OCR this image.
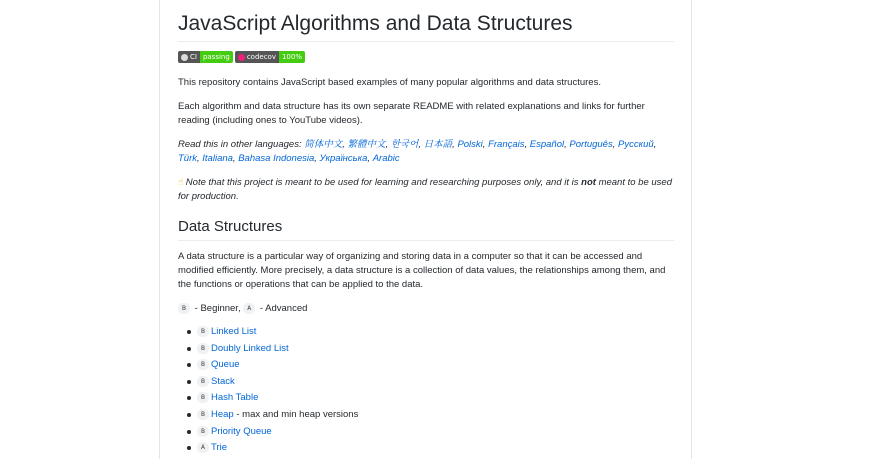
JavaScript Algorithms and Data Structures
CI passing	codecov 100%

This repository contains JavaScript based examples of many popular algorithms and data structures.

Each algorithm and data structure has its own separate README with related explanations and links for further reading (including ones to YouTube videos).

Read this in other languages: 简体中文, 繁體中文, 한국어, 日本語, Polski, Français, Español, Português, Русский, Türk, Italiana, Bahasa Indonesia, Українська, Arabic

☝ Note that this project is meant to be used for learning and researching purposes only, and it is not meant to be used for production.

Data Structures

A data structure is a particular way of organizing and storing data in a computer so that it can be accessed and modified efficiently. More precisely, a data structure is a collection of data values, the relationships among them, and the functions or operations that can be applied to the data.

B - Beginner, A - Advanced

B Linked List
B Doubly Linked List
B Queue
B Stack
B Hash Table
B Heap - max and min heap versions
B Priority Queue
A Trie
